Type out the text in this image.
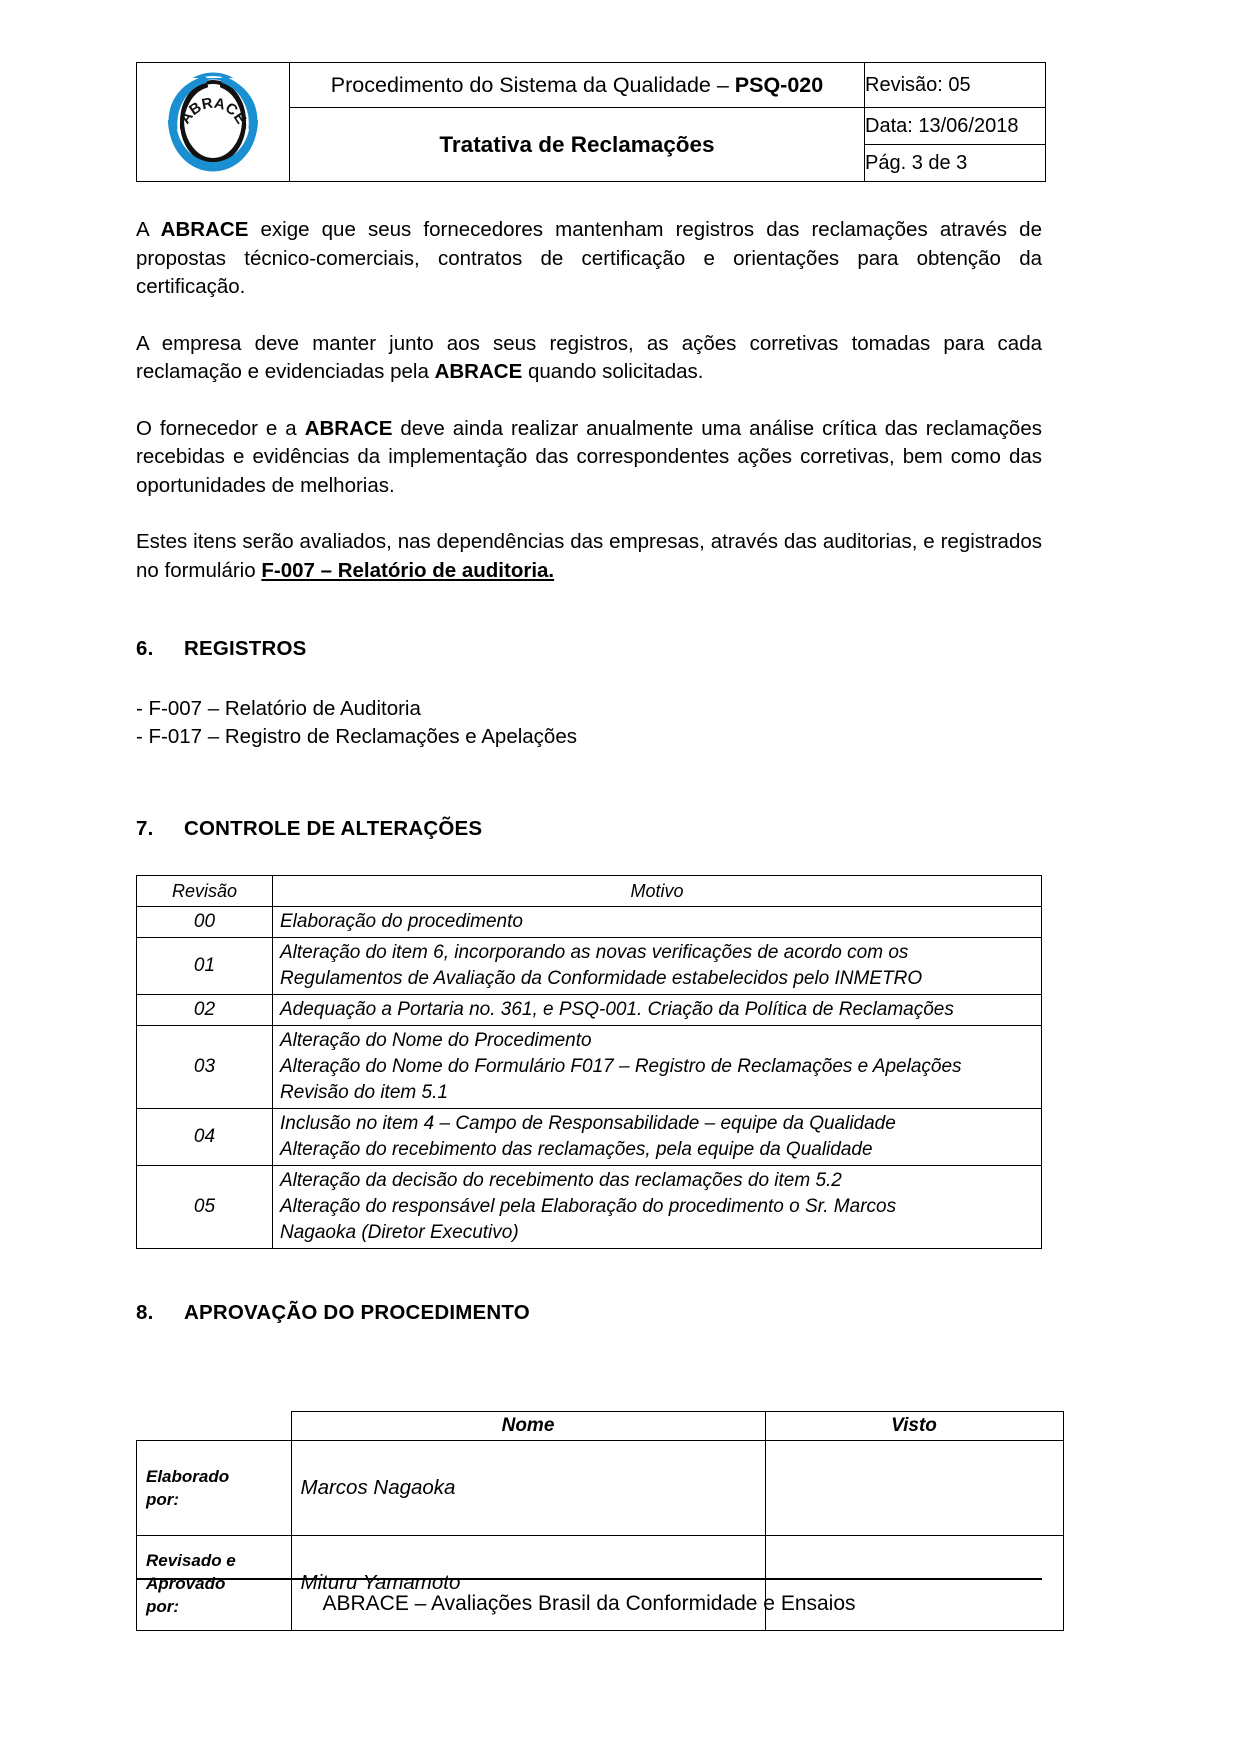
ABRACE	Procedimento do Sistema da Qualidade – PSQ-020	Revisão: 05
	Tratativa de Reclamações	Data: 13/06/2018
		Pág. 3 de 3

A ABRACE exige que seus fornecedores mantenham registros das reclamações através de propostas técnico-comerciais, contratos de certificação e orientações para obtenção da certificação.

A empresa deve manter junto aos seus registros, as ações corretivas tomadas para cada reclamação e evidenciadas pela ABRACE quando solicitadas.

O fornecedor e a ABRACE deve ainda realizar anualmente uma análise crítica das reclamações recebidas e evidências da implementação das correspondentes ações corretivas, bem como das oportunidades de melhorias.

Estes itens serão avaliados, nas dependências das empresas, através das auditorias, e registrados no formulário F-007 – Relatório de auditoria.

6. REGISTROS
- F-007 – Relatório de Auditoria
- F-017 – Registro de Reclamações e Apelações
7. CONTROLE DE ALTERAÇÕES
Revisão	Motivo
00	Elaboração do procedimento

01	Alteração do item 6, incorporando as novas verificações de acordo com os
Regulamentos de Avaliação da Conformidade estabelecidos pelo INMETRO

02	Adequação a Portaria no. 361, e PSQ-001. Criação da Política de Reclamações

03	Alteração do Nome do Procedimento
Alteração do Nome do Formulário F017 – Registro de Reclamações e Apelações
Revisão do item 5.1

04	Inclusão no item 4 – Campo de Responsabilidade – equipe da Qualidade
Alteração do recebimento das reclamações, pela equipe da Qualidade

05	Alteração da decisão do recebimento das reclamações do item 5.2
Alteração do responsável pela Elaboração do procedimento o Sr. Marcos
Nagaoka (Diretor Executivo)
8. APROVAÇÃO DO PROCEDIMENTO
	Nome	Visto

Elaborado
por:	Marcos Nagaoka	

Revisado e
Aprovado
por:	Mituru Yamamoto	
ABRACE – Avaliações Brasil da Conformidade e Ensaios
